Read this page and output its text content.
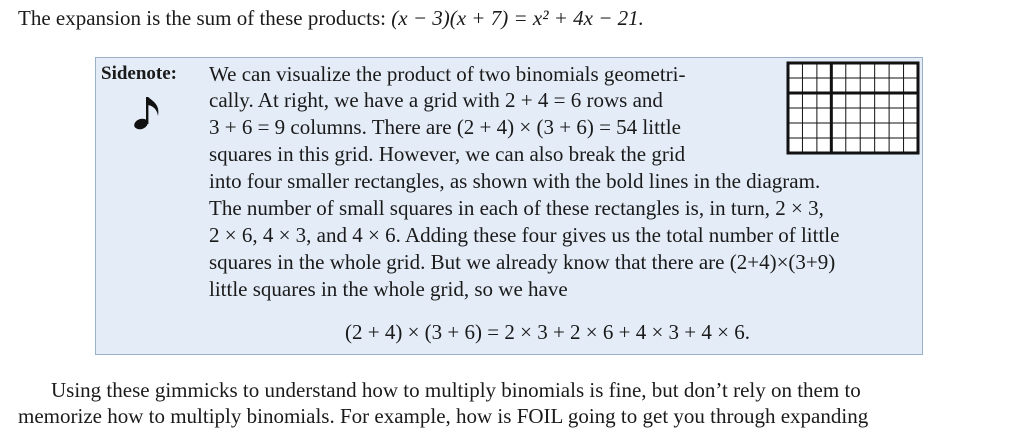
The expansion is the sum of these products: (x − 3)(x + 7) = x² + 4x − 21.
Sidenote: We can visualize the product of two binomials geometri-
cally. At right, we have a grid with 2 + 4 = 6 rows and
3 + 6 = 9 columns. There are (2 + 4) × (3 + 6) = 54 little
squares in this grid. However, we can also break the grid
into four smaller rectangles, as shown with the bold lines in the diagram.
The number of small squares in each of these rectangles is, in turn, 2 × 3,
2 × 6, 4 × 3, and 4 × 6. Adding these four gives us the total number of little
squares in the whole grid. But we already know that there are (2+4)×(3+9)
little squares in the whole grid, so we have
(2 + 4) × (3 + 6) = 2 × 3 + 2 × 6 + 4 × 3 + 4 × 6.
Using these gimmicks to understand how to multiply binomials is fine, but don’t rely on them to
memorize how to multiply binomials. For example, how is FOIL going to get you through expanding
